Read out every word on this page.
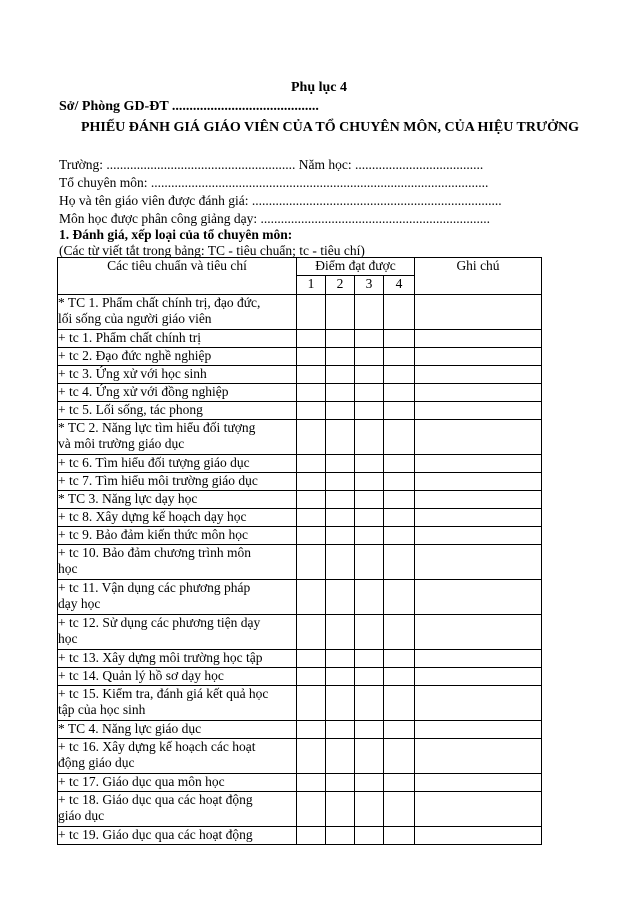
Phụ lục 4
Sở/ Phòng GD-ĐT ..........................................
PHIẾU ĐÁNH GIÁ GIÁO VIÊN CỦA TỔ CHUYÊN MÔN, CỦA HIỆU TRƯỞNG
Trường: ........................................................ Năm học: ......................................
Tổ chuyên môn: ....................................................................................................
Họ và tên giáo viên được đánh giá: ..........................................................................
Môn học được phân công giảng dạy: ....................................................................
1. Đánh giá, xếp loại của tổ chuyên môn:
(Các từ viết tắt trong bảng: TC - tiêu chuẩn; tc - tiêu chí)
Các tiêu chuẩn và tiêu chí	Điểm đạt được				Ghi chú
	1	2	3	4	

* TC 1. Phẩm chất chính trị, đạo đức,
lối sống của người giáo viên					

+ tc 1. Phẩm chất chính trị					

+ tc 2. Đạo đức nghề nghiệp					

+ tc 3. Ứng xử với học sinh					

+ tc 4. Ứng xử với đồng nghiệp					

+ tc 5. Lối sống, tác phong					

* TC 2. Năng lực tìm hiểu đối tượng
và môi trường giáo dục					

+ tc 6. Tìm hiểu đối tượng giáo dục					

+ tc 7. Tìm hiểu môi trường giáo dục					

* TC 3. Năng lực dạy học					

+ tc 8. Xây dựng kế hoạch dạy học					

+ tc 9. Bảo đảm kiến thức môn học					

+ tc 10. Bảo đảm chương trình môn
học					

+ tc 11. Vận dụng các phương pháp
dạy học					

+ tc 12. Sử dụng các phương tiện dạy
học					

+ tc 13. Xây dựng môi trường học tập					

+ tc 14. Quản lý hồ sơ dạy học					

+ tc 15. Kiểm tra, đánh giá kết quả học
tập của học sinh					

* TC 4. Năng lực giáo dục					

+ tc 16. Xây dựng kế hoạch các hoạt
động giáo dục					

+ tc 17. Giáo dục qua môn học					

+ tc 18. Giáo dục qua các hoạt động
giáo dục					

+ tc 19. Giáo dục qua các hoạt động					
